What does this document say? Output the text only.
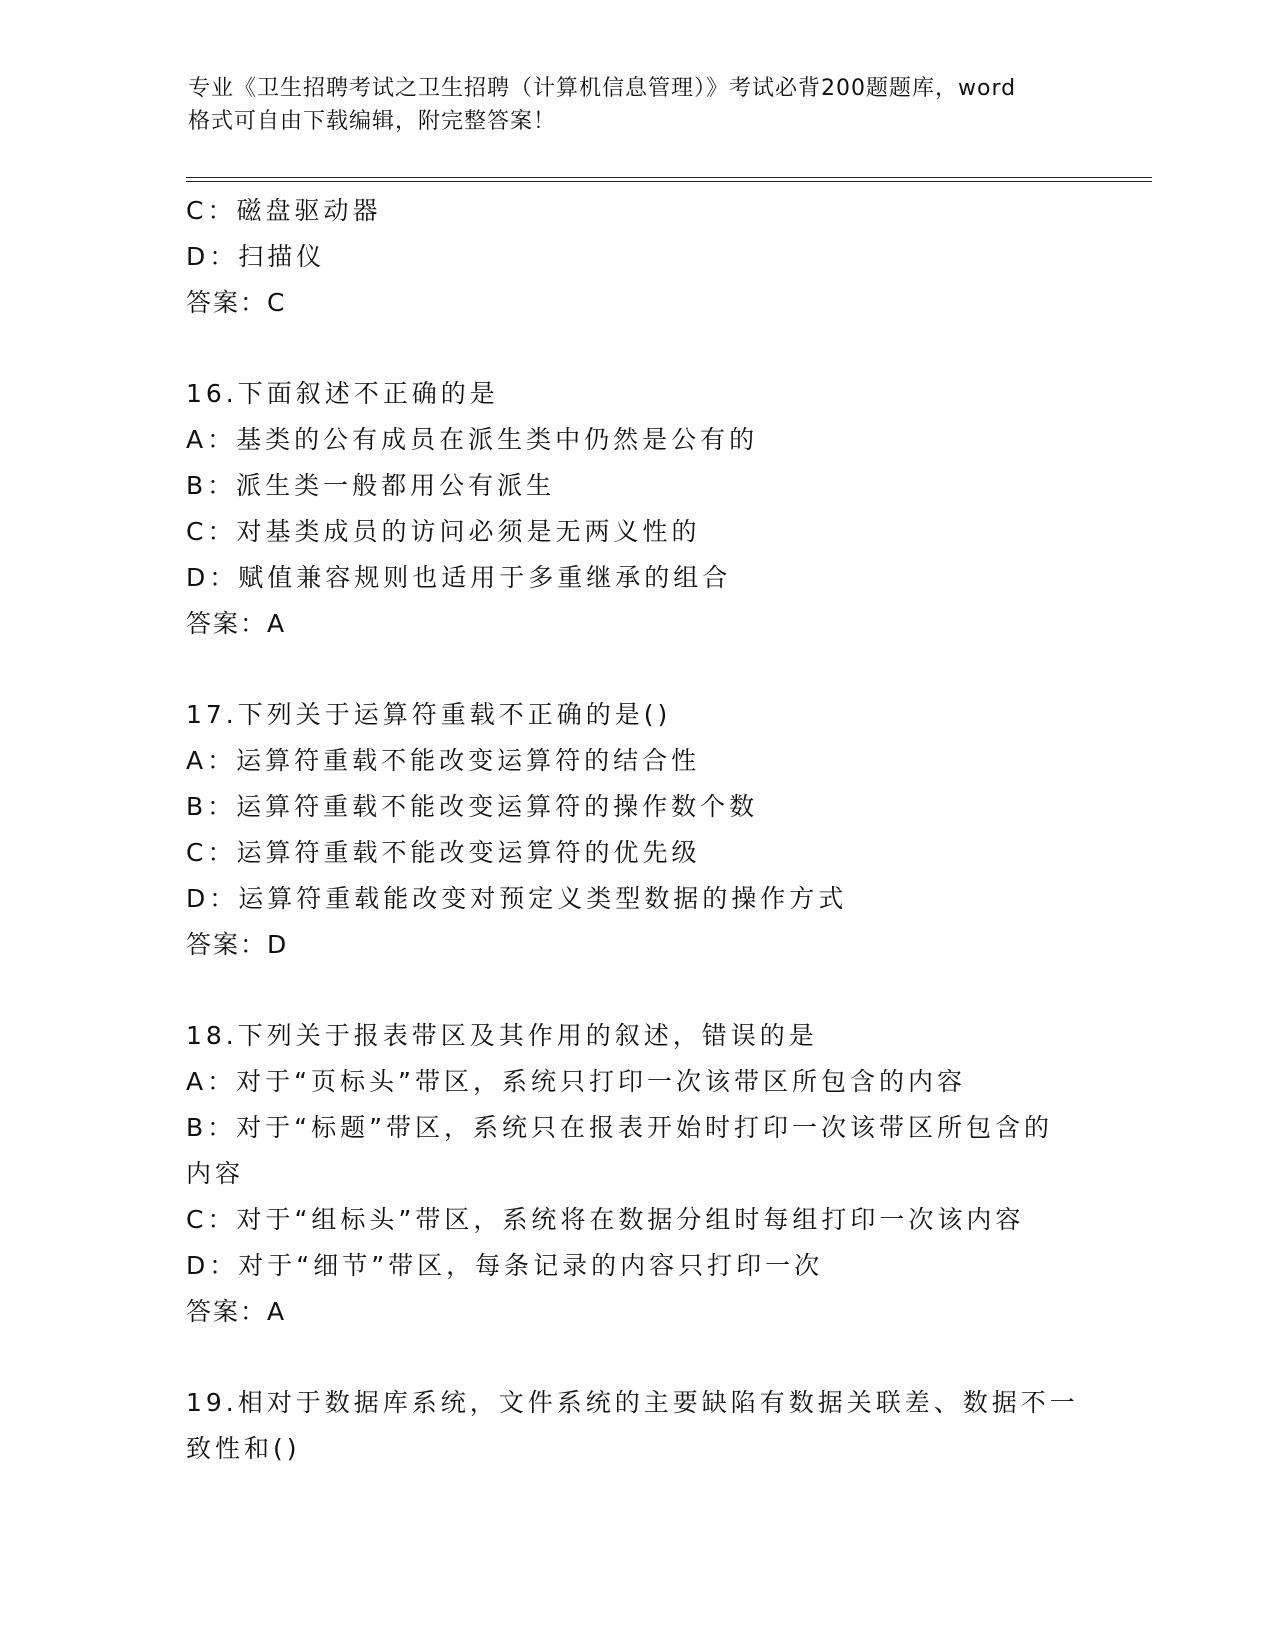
专业《卫生招聘考试之卫生招聘（计算机信息管理）》考试必背200题题库，word
格式可自由下载编辑，附完整答案！
C：磁盘驱动器
D：扫描仪
答案：C
16.下面叙述不正确的是
A：基类的公有成员在派生类中仍然是公有的
B：派生类一般都用公有派生
C：对基类成员的访问必须是无两义性的
D：赋值兼容规则也适用于多重继承的组合
答案：A
17.下列关于运算符重载不正确的是()
A：运算符重载不能改变运算符的结合性
B：运算符重载不能改变运算符的操作数个数
C：运算符重载不能改变运算符的优先级
D：运算符重载能改变对预定义类型数据的操作方式
答案：D
18.下列关于报表带区及其作用的叙述，错误的是
A：对于“页标头”带区，系统只打印一次该带区所包含的内容
B：对于“标题”带区，系统只在报表开始时打印一次该带区所包含的
内容
C：对于“组标头”带区，系统将在数据分组时每组打印一次该内容
D：对于“细节”带区，每条记录的内容只打印一次
答案：A
19.相对于数据库系统，文件系统的主要缺陷有数据关联差、数据不一
致性和()
